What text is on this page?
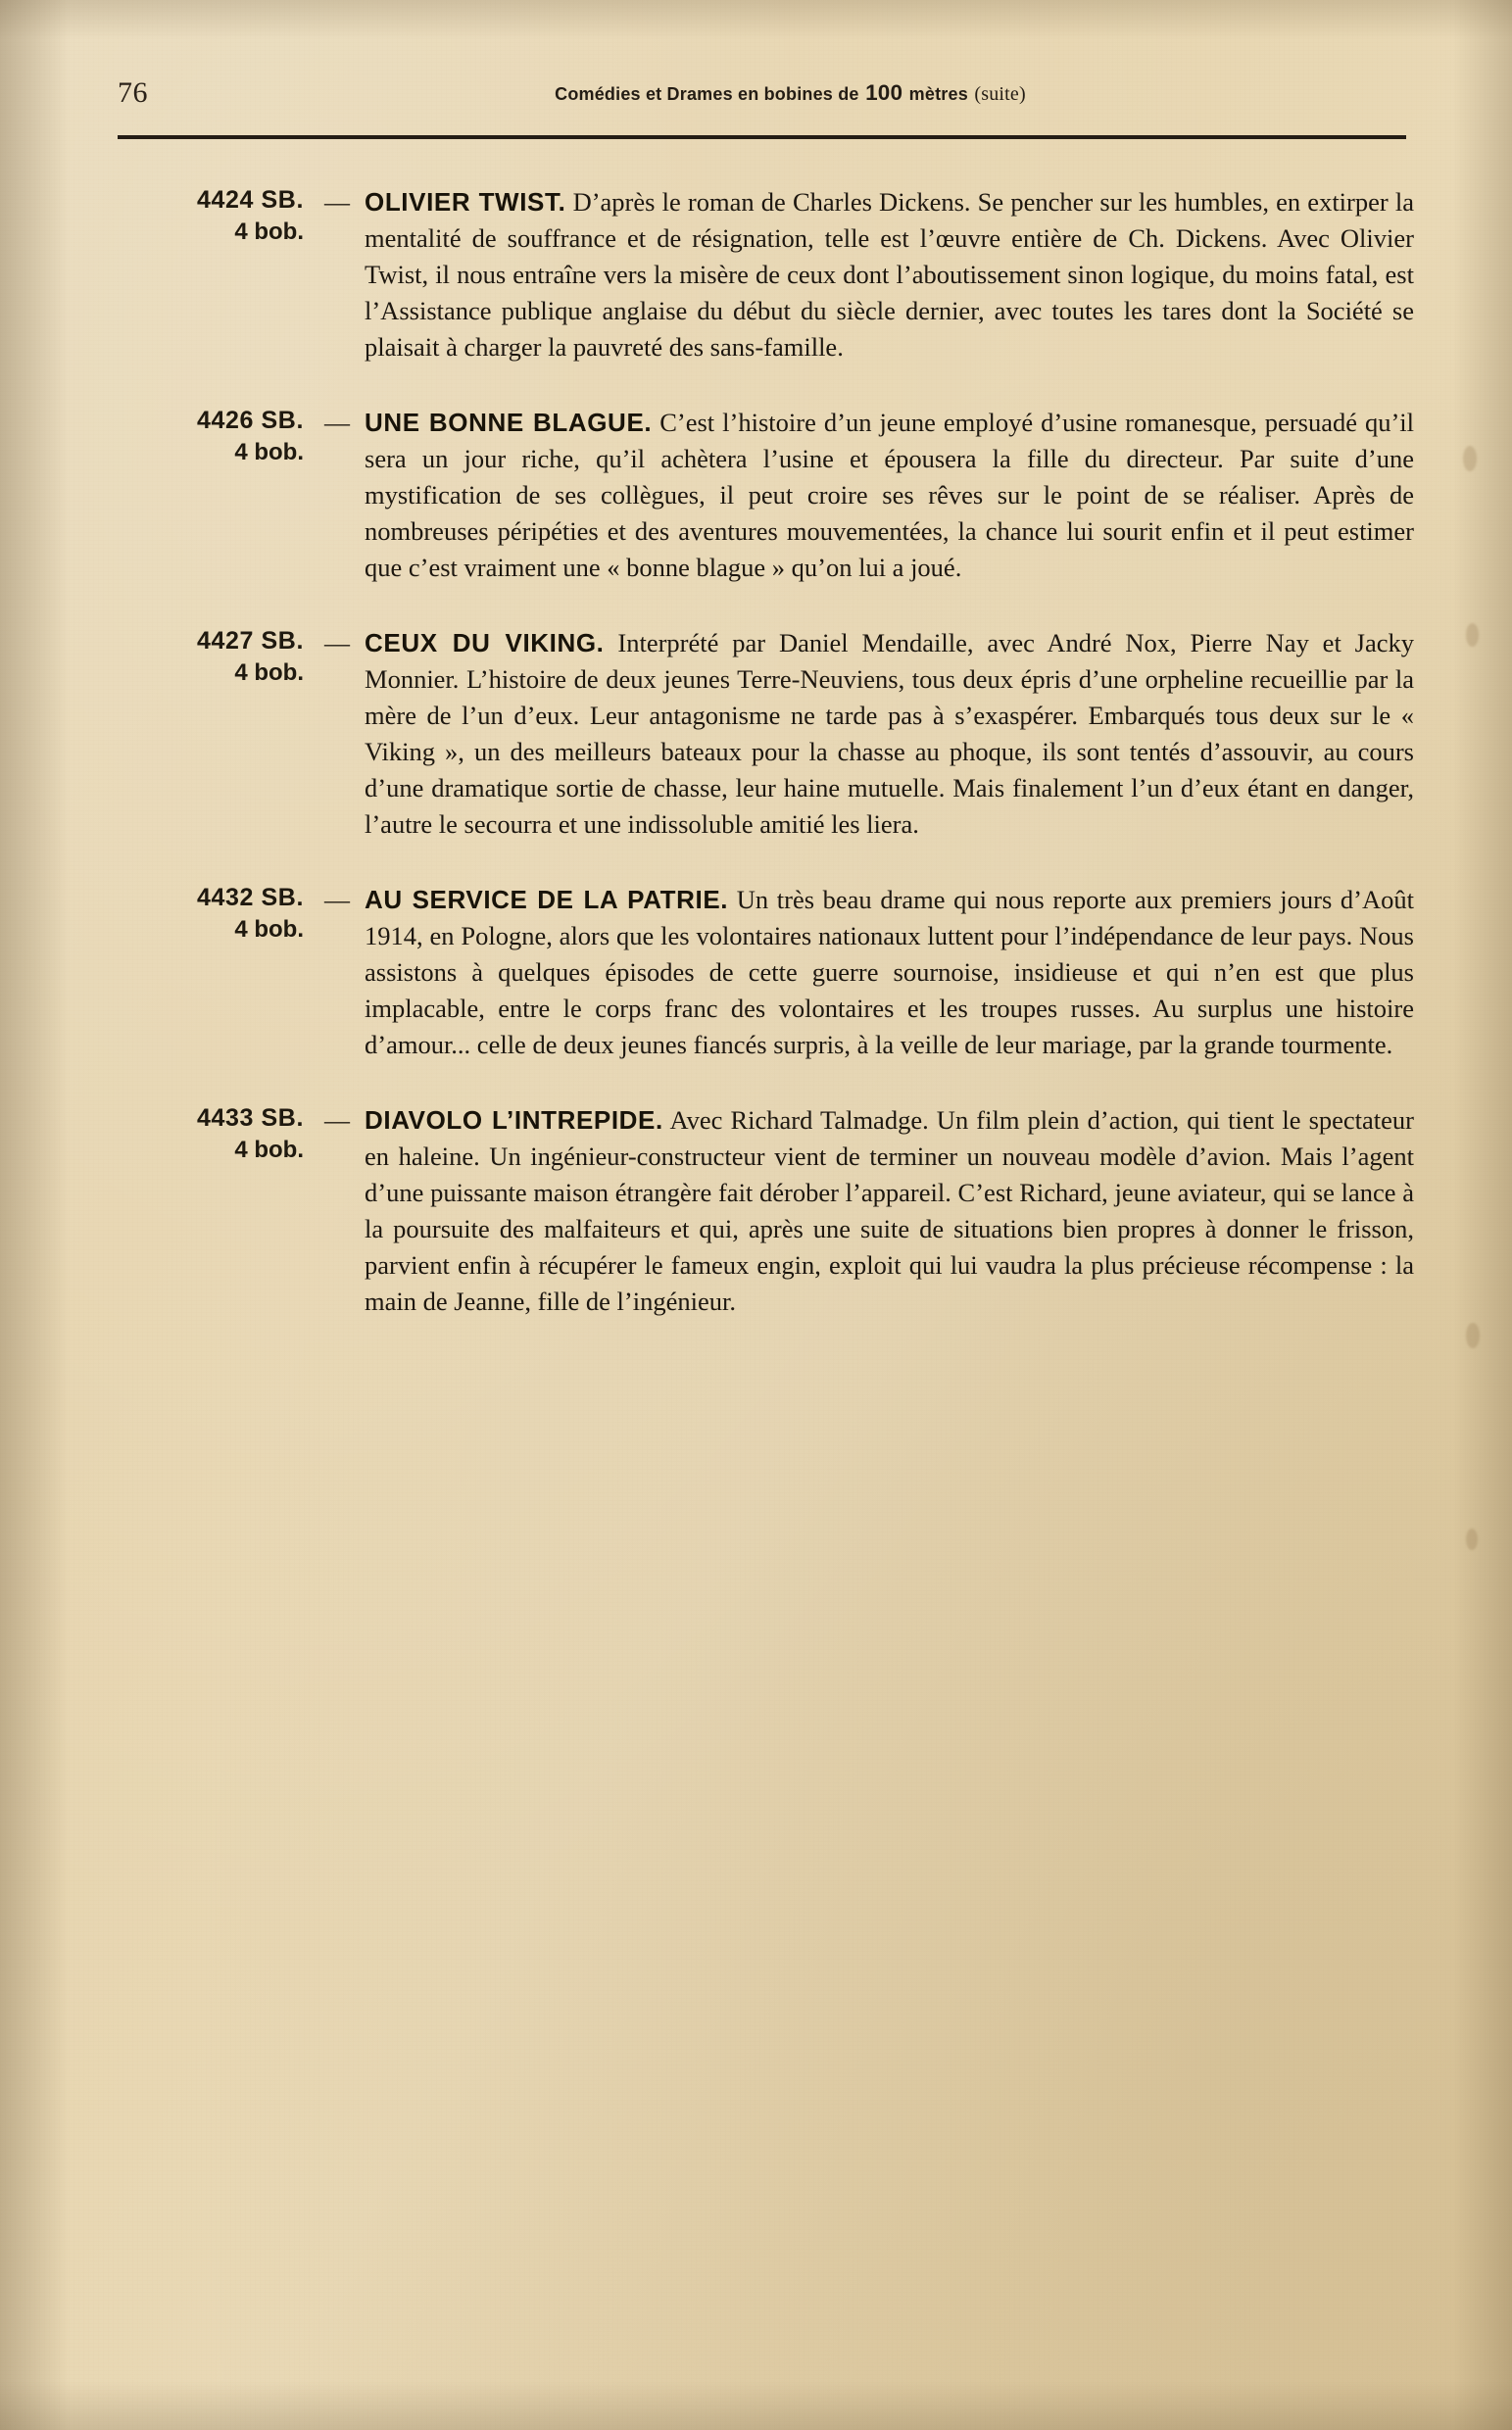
76	Comédies et Drames en bobines de 100 mètres (suite)
4424 SB.
4 bob.
— OLIVIER TWIST. D’après le roman de Charles Dickens. Se pencher sur les humbles, en extirper la mentalité de souffrance et de résignation, telle est l’œuvre entière de Ch. Dickens. Avec Olivier Twist, il nous entraîne vers la misère de ceux dont l’aboutissement sinon logique, du moins fatal, est l’Assistance publique anglaise du début du siècle dernier, avec toutes les tares dont la Société se plaisait à charger la pauvreté des sans-famille.
4426 SB.
4 bob.
— UNE BONNE BLAGUE. C’est l’histoire d’un jeune employé d’usine romanesque, persuadé qu’il sera un jour riche, qu’il achètera l’usine et épousera la fille du directeur. Par suite d’une mystification de ses collègues, il peut croire ses rêves sur le point de se réaliser. Après de nombreuses péripéties et des aventures mouvementées, la chance lui sourit enfin et il peut estimer que c’est vraiment une « bonne blague » qu’on lui a joué.
4427 SB.
4 bob.
— CEUX DU VIKING. Interprété par Daniel Mendaille, avec André Nox, Pierre Nay et Jacky Monnier. L’histoire de deux jeunes Terre-Neuviens, tous deux épris d’une orpheline recueillie par la mère de l’un d’eux. Leur antagonisme ne tarde pas à s’exaspérer. Embarqués tous deux sur le « Viking », un des meilleurs bateaux pour la chasse au phoque, ils sont tentés d’assouvir, au cours d’une dramatique sortie de chasse, leur haine mutuelle. Mais finalement l’un d’eux étant en danger, l’autre le secourra et une indissoluble amitié les liera.
4432 SB.
4 bob.
— AU SERVICE DE LA PATRIE. Un très beau drame qui nous reporte aux premiers jours d’Août 1914, en Pologne, alors que les volontaires nationaux luttent pour l’indépendance de leur pays. Nous assistons à quelques épisodes de cette guerre sournoise, insidieuse et qui n’en est que plus implacable, entre le corps franc des volontaires et les troupes russes. Au surplus une histoire d’amour... celle de deux jeunes fiancés surpris, à la veille de leur mariage, par la grande tourmente.
4433 SB.
4 bob.
— DIAVOLO L’INTREPIDE. Avec Richard Talmadge. Un film plein d’action, qui tient le spectateur en haleine. Un ingénieur-constructeur vient de terminer un nouveau modèle d’avion. Mais l’agent d’une puissante maison étrangère fait dérober l’appareil. C’est Richard, jeune aviateur, qui se lance à la poursuite des malfaiteurs et qui, après une suite de situations bien propres à donner le frisson, parvient enfin à récupérer le fameux engin, exploit qui lui vaudra la plus précieuse récompense : la main de Jeanne, fille de l’ingénieur.
